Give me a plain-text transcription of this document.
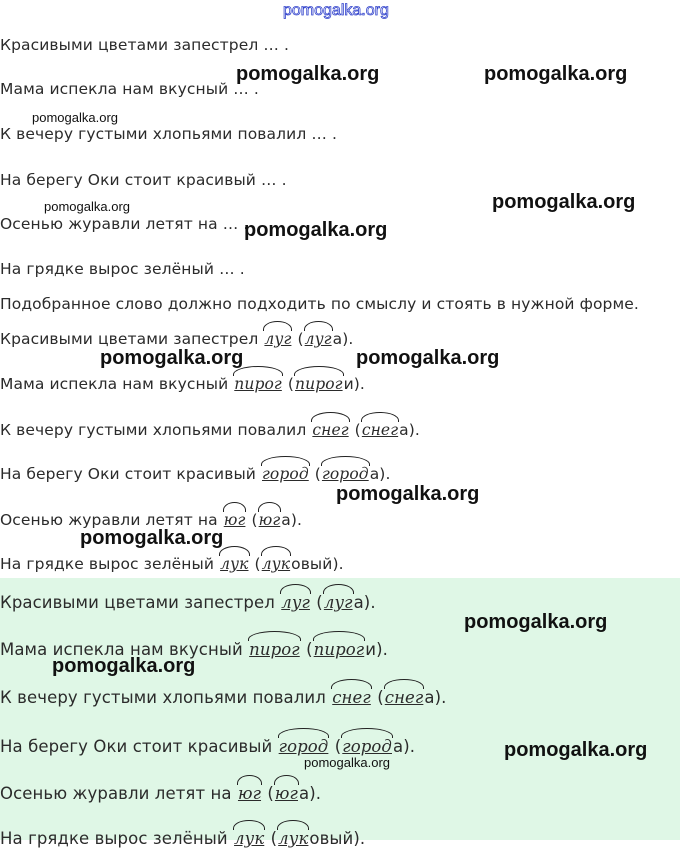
pomogalka.org
Красивыми цветами запестрел … .
Мама испекла нам вкусный … .
К вечеру густыми хлопьями повалил … .
На берегу Оки стоит красивый … .
Осенью журавли летят на … .
На грядке вырос зелёный … .
Подобранное слово должно подходить по смыслу и стоять в нужной форме.
Красивыми цветами запестрел луг (луга).
Мама испекла нам вкусный пирог (пироги).
К вечеру густыми хлопьями повалил снег (снега).
На берегу Оки стоит красивый город (города).
Осенью журавли летят на юг (юга).
На грядке вырос зелёный лук (луковый).
Красивыми цветами запестрел луг (луга).
Мама испекла нам вкусный пирог (пироги).
К вечеру густыми хлопьями повалил снег (снега).
На берегу Оки стоит красивый город (города).
Осенью журавли летят на юг (юга).
На грядке вырос зелёный лук (луковый).
pomogalka.org	pomogalka.org
pomogalka.org
pomogalka.org	pomogalka.org
pomogalka.org
pomogalka.org	pomogalka.org
pomogalka.org
pomogalka.org
pomogalka.org
pomogalka.org
pomogalka.org
pomogalka.org
